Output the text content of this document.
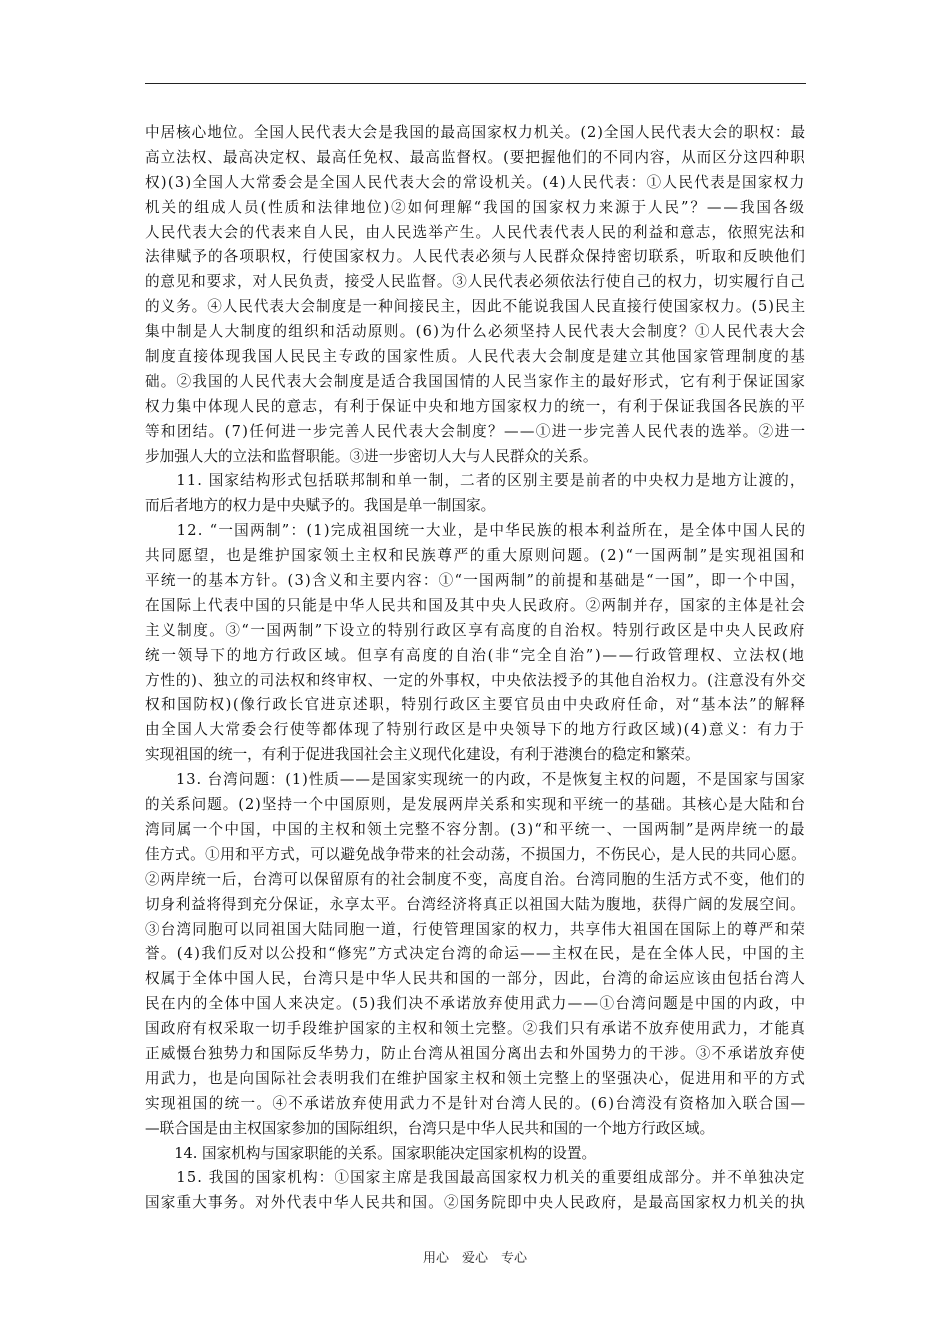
中居核心地位。全国人民代表大会是我国的最高国家权力机关。(2)全国人民代表大会的职权：最
高立法权、最高决定权、最高任免权、最高监督权。(要把握他们的不同内容，从而区分这四种职
权)(3)全国人大常委会是全国人民代表大会的常设机关。(4)人民代表：①人民代表是国家权力
机关的组成人员(性质和法律地位)②如何理解“我国的国家权力来源于人民”？——我国各级
人民代表大会的代表来自人民，由人民选举产生。人民代表代表人民的利益和意志，依照宪法和
法律赋予的各项职权，行使国家权力。人民代表必须与人民群众保持密切联系，听取和反映他们
的意见和要求，对人民负责，接受人民监督。③人民代表必须依法行使自己的权力，切实履行自己
的义务。④人民代表大会制度是一种间接民主，因此不能说我国人民直接行使国家权力。(5)民主
集中制是人大制度的组织和活动原则。(6)为什么必须坚持人民代表大会制度？①人民代表大会
制度直接体现我国人民民主专政的国家性质。人民代表大会制度是建立其他国家管理制度的基
础。②我国的人民代表大会制度是适合我国国情的人民当家作主的最好形式，它有利于保证国家
权力集中体现人民的意志，有利于保证中央和地方国家权力的统一，有利于保证我国各民族的平
等和团结。(7)任何进一步完善人民代表大会制度？——①进一步完善人民代表的选举。②进一
步加强人大的立法和监督职能。③进一步密切人大与人民群众的关系。
　　11. 国家结构形式包括联邦制和单一制，二者的区别主要是前者的中央权力是地方让渡的，
而后者地方的权力是中央赋予的。我国是单一制国家。
　　12. “一国两制”：(1)完成祖国统一大业，是中华民族的根本利益所在，是全体中国人民的
共同愿望，也是维护国家领土主权和民族尊严的重大原则问题。(2)“一国两制”是实现祖国和
平统一的基本方针。(3)含义和主要内容：①“一国两制”的前提和基础是“一国”，即一个中国，
在国际上代表中国的只能是中华人民共和国及其中央人民政府。②两制并存，国家的主体是社会
主义制度。③“一国两制”下设立的特别行政区享有高度的自治权。特别行政区是中央人民政府
统一领导下的地方行政区域。但享有高度的自治(非“完全自治”)——行政管理权、立法权(地
方性的)、独立的司法权和终审权、一定的外事权，中央依法授予的其他自治权力。(注意没有外交
权和国防权)(像行政长官进京述职，特别行政区主要官员由中央政府任命，对“基本法”的解释
由全国人大常委会行使等都体现了特别行政区是中央领导下的地方行政区域)(4)意义：有力于
实现祖国的统一，有利于促进我国社会主义现代化建设，有利于港澳台的稳定和繁荣。
　　13. 台湾问题：(1)性质——是国家实现统一的内政，不是恢复主权的问题，不是国家与国家
的关系问题。(2)坚持一个中国原则，是发展两岸关系和实现和平统一的基础。其核心是大陆和台
湾同属一个中国，中国的主权和领土完整不容分割。(3)“和平统一、一国两制”是两岸统一的最
佳方式。①用和平方式，可以避免战争带来的社会动荡，不损国力，不伤民心，是人民的共同心愿。
②两岸统一后，台湾可以保留原有的社会制度不变，高度自治。台湾同胞的生活方式不变，他们的
切身利益将得到充分保证，永享太平。台湾经济将真正以祖国大陆为腹地，获得广阔的发展空间。
③台湾同胞可以同祖国大陆同胞一道，行使管理国家的权力，共享伟大祖国在国际上的尊严和荣
誉。(4)我们反对以公投和“修宪”方式决定台湾的命运——主权在民，是在全体人民，中国的主
权属于全体中国人民，台湾只是中华人民共和国的一部分，因此，台湾的命运应该由包括台湾人
民在内的全体中国人来决定。(5)我们决不承诺放弃使用武力——①台湾问题是中国的内政，中
国政府有权采取一切手段维护国家的主权和领土完整。②我们只有承诺不放弃使用武力，才能真
正威慑台独势力和国际反华势力，防止台湾从祖国分离出去和外国势力的干涉。③不承诺放弃使
用武力，也是向国际社会表明我们在维护国家主权和领土完整上的坚强决心，促进用和平的方式
实现祖国的统一。④不承诺放弃使用武力不是针对台湾人民的。(6)台湾没有资格加入联合国—
—联合国是由主权国家参加的国际组织，台湾只是中华人民共和国的一个地方行政区域。
　　14. 国家机构与国家职能的关系。国家职能决定国家机构的设置。
　　15. 我国的国家机构：①国家主席是我国最高国家权力机关的重要组成部分。并不单独决定
国家重大事务。对外代表中华人民共和国。②国务院即中央人民政府，是最高国家权力机关的执
用心　爱心　专心
